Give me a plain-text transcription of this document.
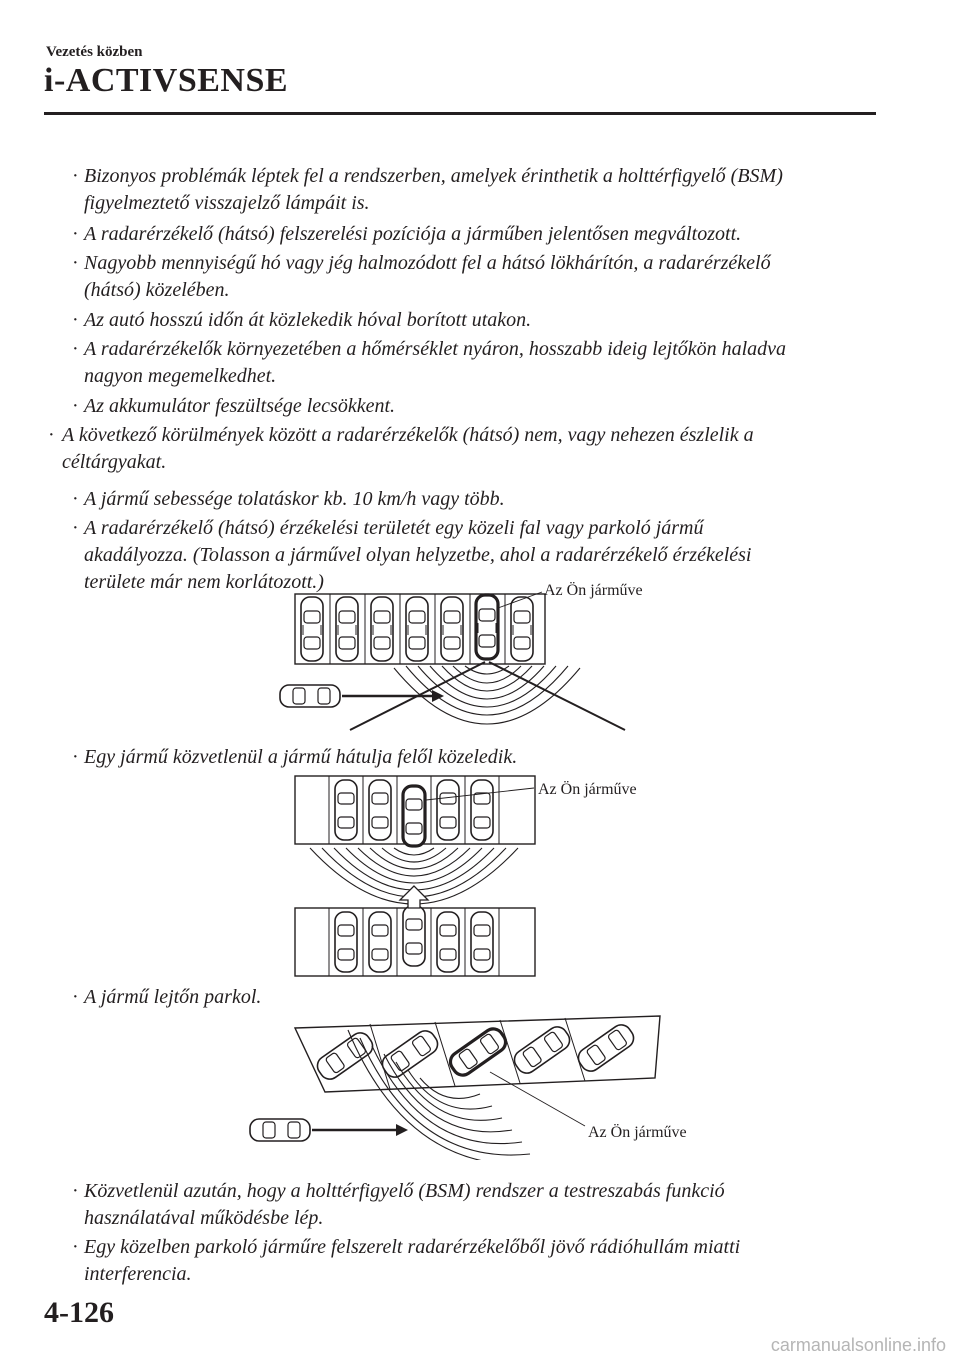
Vezetés közben
i-ACTIVSENSE
· Bizonyos problémák léptek fel a rendszerben, amelyek érinthetik a holttérfigyelő (BSM)
figyelmeztető visszajelző lámpáit is.
· A radarérzékelő (hátsó) felszerelési pozíciója a járműben jelentősen megváltozott.
· Nagyobb mennyiségű hó vagy jég halmozódott fel a hátsó lökhárítón, a radarérzékelő
(hátsó) közelében.
· Az autó hosszú időn át közlekedik hóval borított utakon.
· A radarérzékelők környezetében a hőmérséklet nyáron, hosszabb ideig lejtőkön haladva
nagyon megemelkedhet.
· Az akkumulátor feszültsége lecsökkent.
· A következő körülmények között a radarérzékelők (hátsó) nem, vagy nehezen észlelik a
céltárgyakat.
· A jármű sebessége tolatáskor kb. 10 km/h vagy több.
· A radarérzékelő (hátsó) érzékelési területét egy közeli fal vagy parkoló jármű
akadályozza. (Tolasson a járművel olyan helyzetbe, ahol a radarérzékelő érzékelési
területe már nem korlátozott.)	Az Ön járműve
· Egy jármű közvetlenül a jármű hátulja felől közeledik.
Az Ön járműve
· A jármű lejtőn parkol.
Az Ön járműve
· Közvetlenül azután, hogy a holttérfigyelő (BSM) rendszer a testreszabás funkció
használatával működésbe lép.
· Egy közelben parkoló járműre felszerelt radarérzékelőből jövő rádióhullám miatti
interferencia.
4-126
carmanualsonline.info
